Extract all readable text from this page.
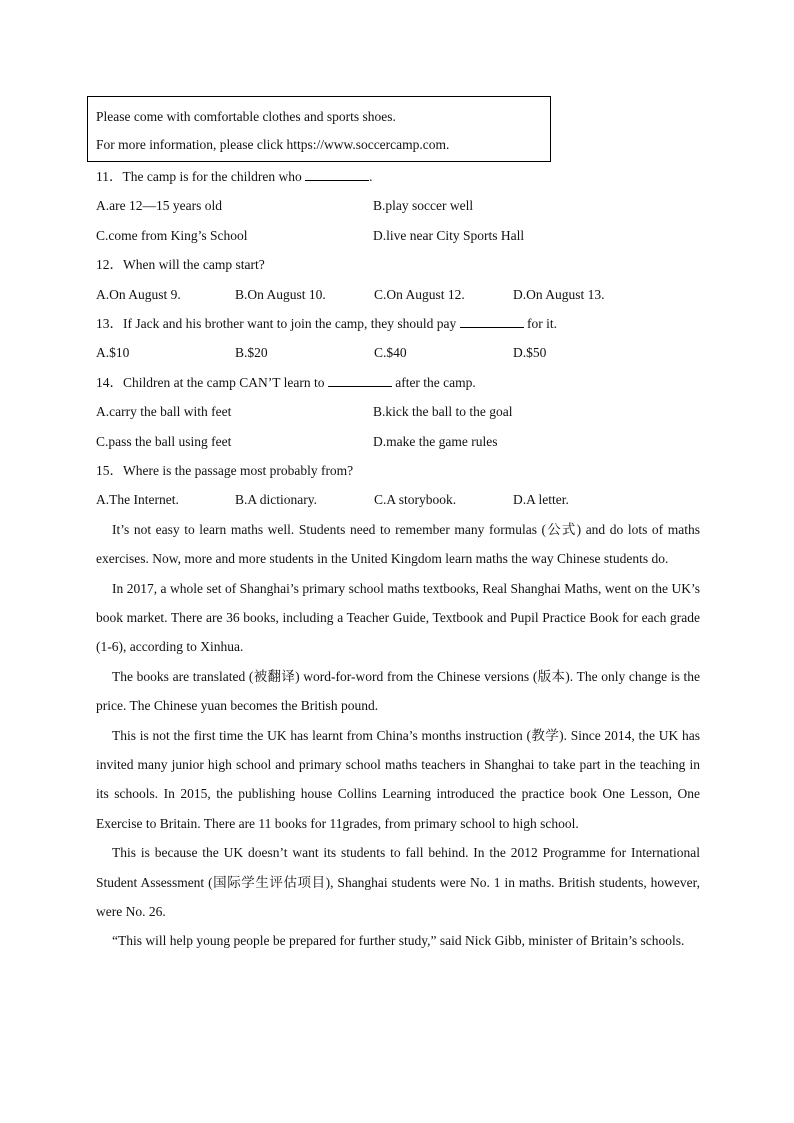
Please come with comfortable clothes and sports shoes.
For more information, please click https://www.soccercamp.com.
11．The camp is for the children who	.
A.are 12—15 years old	B.play soccer well
C.come from King’s School	D.live near City Sports Hall
12．When will the camp start?
A.On August 9.	B.On August 10.	C.On August 12.	D.On August 13.
13．If Jack and his brother want to join the camp, they should pay	for it.
A.$10	B.$20	C.$40	D.$50
14．Children at the camp CAN’T learn to	after the camp.
A.carry the ball with feet	B.kick the ball to the goal
C.pass the ball using feet	D.make the game rules
15．Where is the passage most probably from?
A.The Internet.	B.A dictionary.	C.A storybook.	D.A letter.

It’s not easy to learn maths well. Students need to remember many formulas (公式) and do lots of maths exercises. Now, more and more students in the United Kingdom learn maths the way Chinese students do.

In 2017, a whole set of Shanghai’s primary school maths textbooks, Real Shanghai Maths, went on the UK’s book market. There are 36 books, including a Teacher Guide, Textbook and Pupil Practice Book for each grade (1-6), according to Xinhua.

The books are translated (被翻译) word-for-word from the Chinese versions (版本). The only change is the price. The Chinese yuan becomes the British pound.

This is not the first time the UK has learnt from China’s months instruction (教学). Since 2014, the UK has invited many junior high school and primary school maths teachers in Shanghai to take part in the teaching in its schools. In 2015, the publishing house Collins Learning introduced the practice book One Lesson, One Exercise to Britain. There are 11 books for 11grades, from primary school to high school.

This is because the UK doesn’t want its students to fall behind. In the 2012 Programme for International Student Assessment (国际学生评估项目), Shanghai students were No. 1 in maths. British students, however, were No. 26.

“This will help young people be prepared for further study,” said Nick Gibb, minister of Britain’s schools.
